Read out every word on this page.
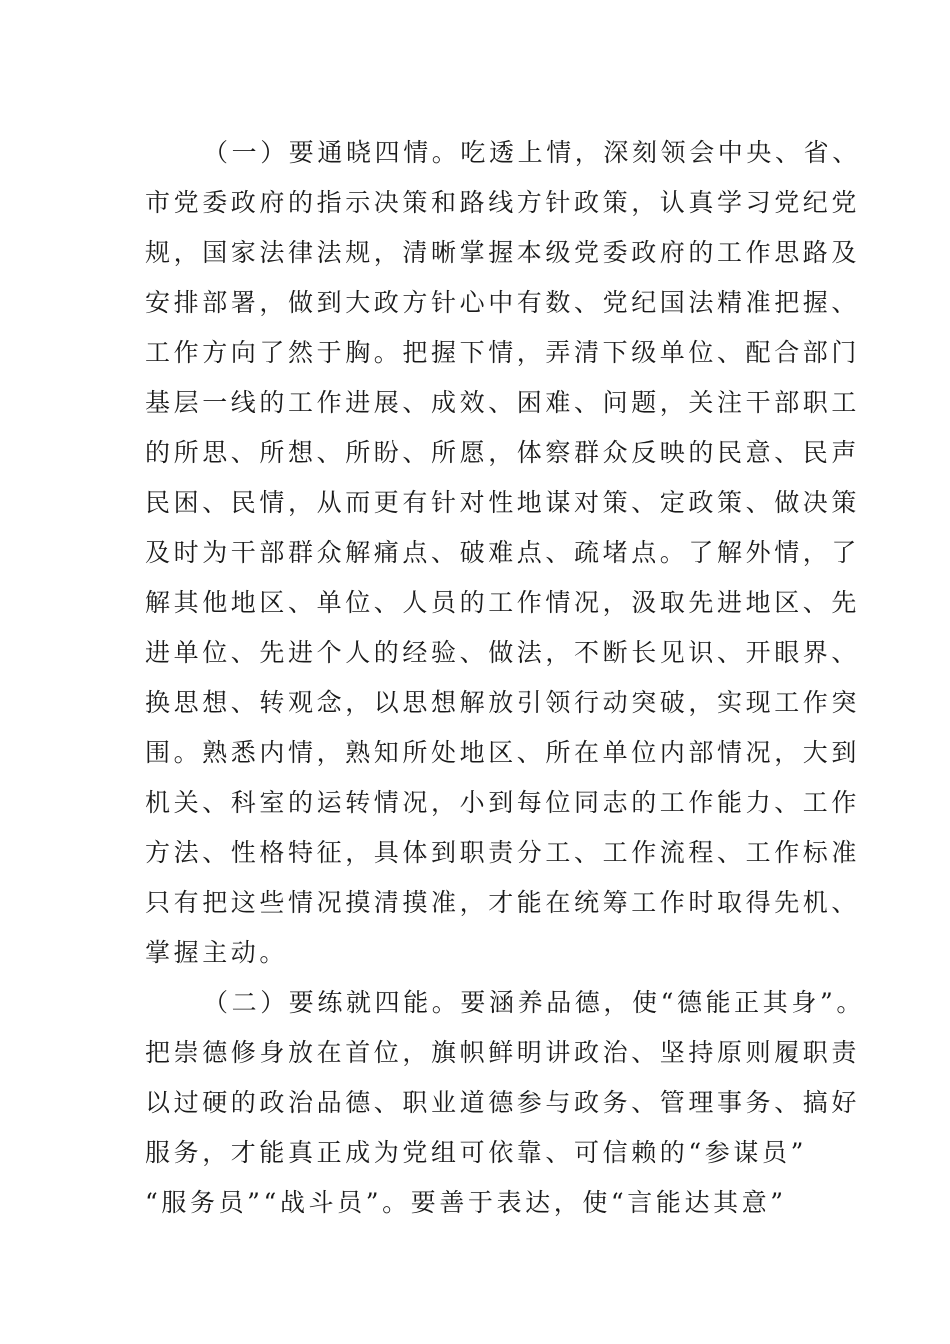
（一）要通晓四情。吃透上情，深刻领会中央、省、
市党委政府的指示决策和路线方针政策，认真学习党纪党
规，国家法律法规，清晰掌握本级党委政府的工作思路及
安排部署，做到大政方针心中有数、党纪国法精准把握、
工作方向了然于胸。把握下情，弄清下级单位、配合部门
基层一线的工作进展、成效、困难、问题，关注干部职工
的所思、所想、所盼、所愿，体察群众反映的民意、民声
民困、民情，从而更有针对性地谋对策、定政策、做决策
及时为干部群众解痛点、破难点、疏堵点。了解外情，了
解其他地区、单位、人员的工作情况，汲取先进地区、先
进单位、先进个人的经验、做法，不断长见识、开眼界、
换思想、转观念，以思想解放引领行动突破，实现工作突
围。熟悉内情，熟知所处地区、所在单位内部情况，大到
机关、科室的运转情况，小到每位同志的工作能力、工作
方法、性格特征，具体到职责分工、工作流程、工作标准
只有把这些情况摸清摸准，才能在统筹工作时取得先机、
掌握主动。
（二）要练就四能。要涵养品德，使“德能正其身”。
把崇德修身放在首位，旗帜鲜明讲政治、坚持原则履职责
以过硬的政治品德、职业道德参与政务、管理事务、搞好
服务，才能真正成为党组可依靠、可信赖的“参谋员”
“服务员”“战斗员”。要善于表达，使“言能达其意”
